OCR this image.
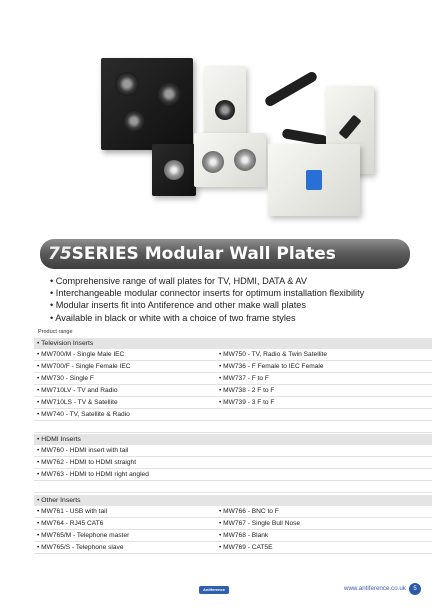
75SERIES Modular Wall Plates
• Comprehensive range of wall plates for TV, HDMI, DATA & AV
• Interchangeable modular connector inserts for optimum installation flexibility
• Modular inserts fit into Antiference and other make wall plates
• Available in black or white with a choice of two frame styles
Product range
• Television Inserts
• MW700/M - Single Male IEC	• MW750 - TV, Radio & Twin Satellite
• MW700/F - Single Female IEC	• MW736 - F Female to IEC Female
• MW730 - Single F	• MW737 - F to F
• MW710LV - TV and Radio	• MW738 - 2 F to F
• MW710LS - TV & Satellite	• MW739 - 3 F to F
• MW740 - TV, Satellite & Radio
• HDMI Inserts
• MW760 - HDMI insert with tail
• MW762 - HDMI to HDMI straight
• MW763 - HDMI to HDMI right angled
• Other Inserts
• MW761 - USB with tail	• MW766 - BNC to F
• MW764 - RJ45 CAT6	• MW767 - Single Bull Nose
• MW765/M - Telephone master	• MW768 - Blank
• MW765/S - Telephone slave	• MW769 - CAT5E
Antiference	www.antiference.co.uk	5
